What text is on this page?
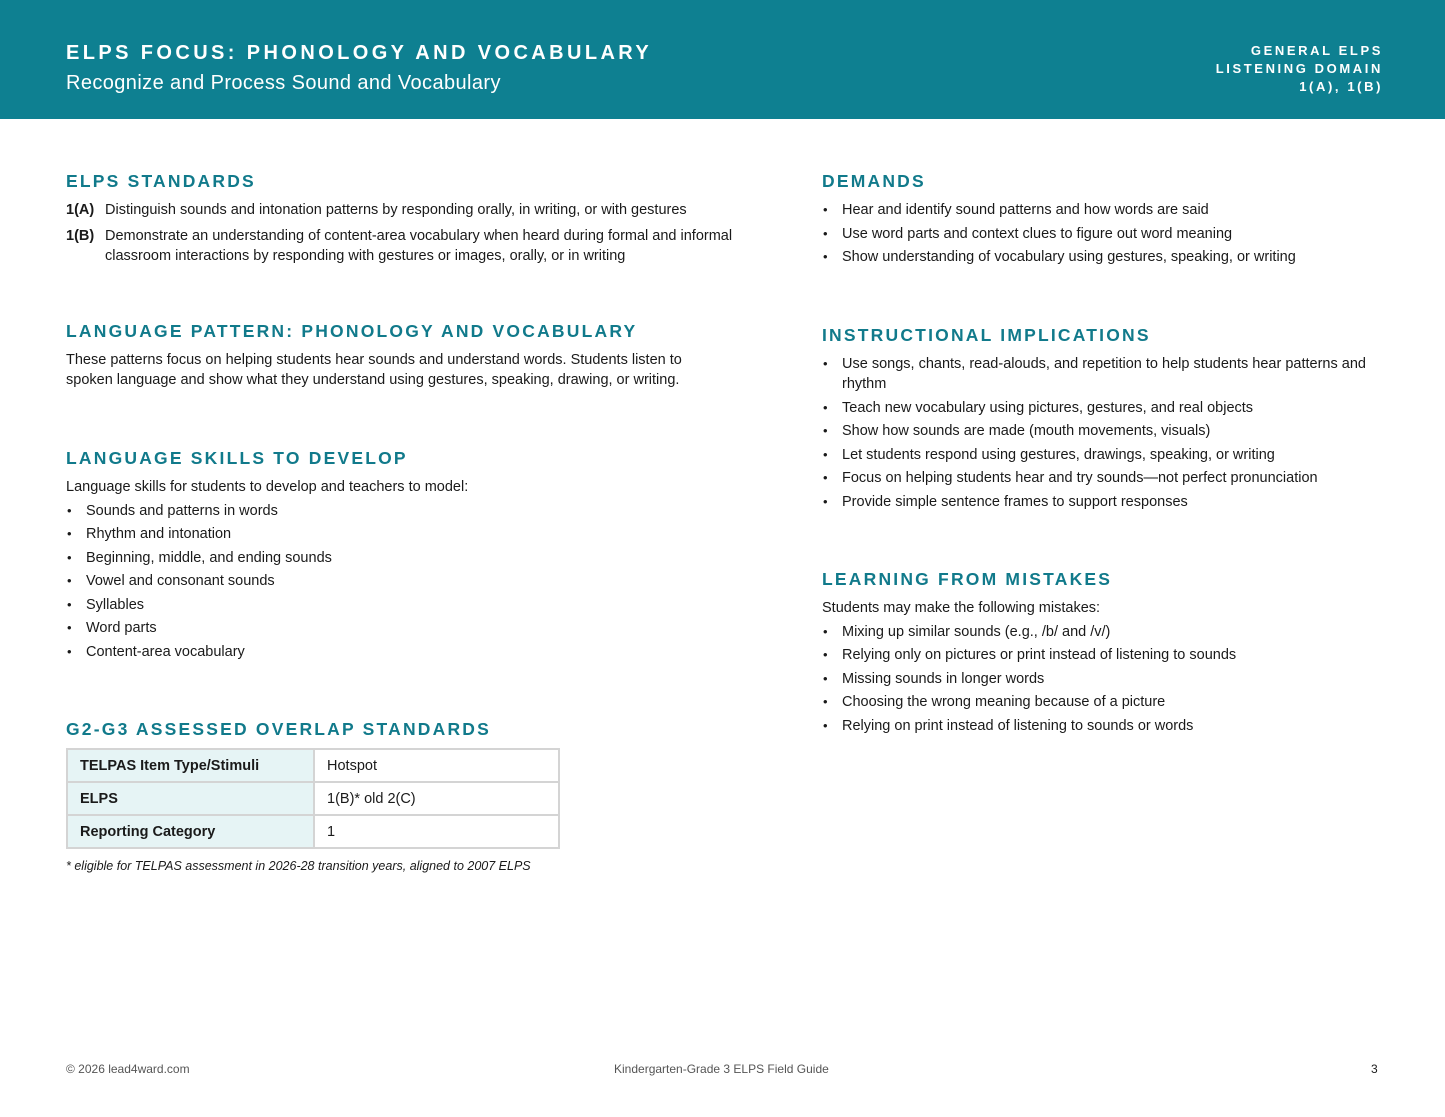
ELPS FOCUS: PHONOLOGY AND VOCABULARY
Recognize and Process Sound and Vocabulary
GENERAL ELPS
LISTENING DOMAIN
1(A), 1(B)
ELPS STANDARDS
1(A) Distinguish sounds and intonation patterns by responding orally, in writing, or with gestures
1(B) Demonstrate an understanding of content-area vocabulary when heard during formal and informal classroom interactions by responding with gestures or images, orally, or in writing
LANGUAGE PATTERN: PHONOLOGY AND VOCABULARY

These patterns focus on helping students hear sounds and understand words. Students listen to spoken language and show what they understand using gestures, speaking, drawing, or writing.

LANGUAGE SKILLS TO DEVELOP

Language skills for students to develop and teachers to model:

• Sounds and patterns in words
• Rhythm and intonation
• Beginning, middle, and ending sounds
• Vowel and consonant sounds
• Syllables
• Word parts
• Content-area vocabulary
G2-G3 ASSESSED OVERLAP STANDARDS
TELPAS Item Type/Stimuli	Hotspot
ELPS	1(B)* old 2(C)
Reporting Category	1
* eligible for TELPAS assessment in 2026-28 transition years, aligned to 2007 ELPS
DEMANDS
• Hear and identify sound patterns and how words are said
• Use word parts and context clues to figure out word meaning
• Show understanding of vocabulary using gestures, speaking, or writing
INSTRUCTIONAL IMPLICATIONS
• Use songs, chants, read-alouds, and repetition to help students hear patterns and rhythm
• Teach new vocabulary using pictures, gestures, and real objects
• Show how sounds are made (mouth movements, visuals)
• Let students respond using gestures, drawings, speaking, or writing
• Focus on helping students hear and try sounds—not perfect pronunciation
• Provide simple sentence frames to support responses
LEARNING FROM MISTAKES

Students may make the following mistakes:

• Mixing up similar sounds (e.g., /b/ and /v/)
• Relying only on pictures or print instead of listening to sounds
• Missing sounds in longer words
• Choosing the wrong meaning because of a picture
• Relying on print instead of listening to sounds or words
© 2026 lead4ward.com	Kindergarten-Grade 3 ELPS Field Guide	3
